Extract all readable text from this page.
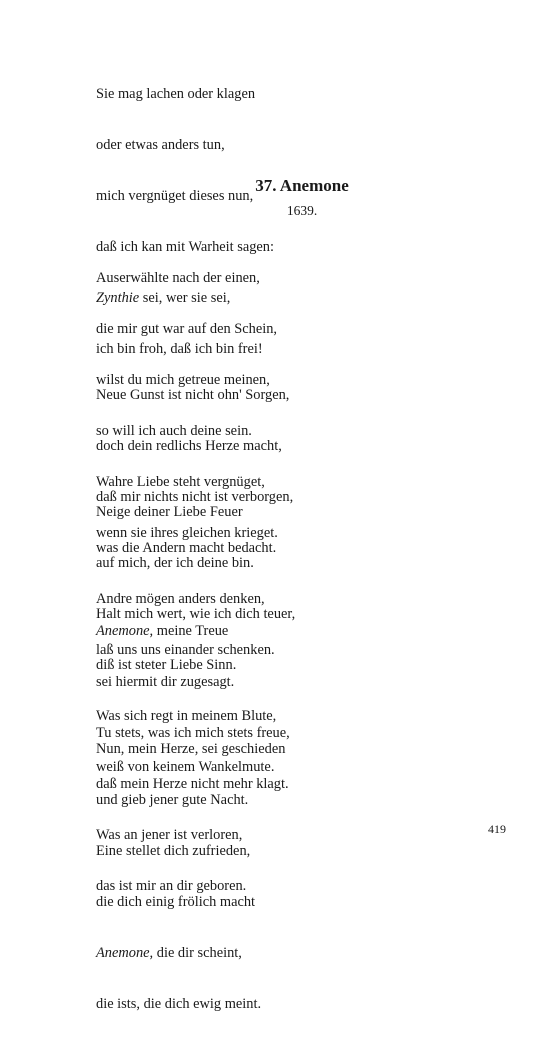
Sie mag lachen oder klagen

oder etwas anders tun,

mich vergnüget dieses nun,

daß ich kan mit Warheit sagen:

Zynthie sei, wer sie sei,

ich bin froh, daß ich bin frei!

37. Anemone
1639.

Auserwählte nach der einen,

die mir gut war auf den Schein,

wilst du mich getreue meinen,

so will ich auch deine sein.

Wahre Liebe steht vergnüget,

wenn sie ihres gleichen krieget.

Neue Gunst ist nicht ohn' Sorgen,

doch dein redlichs Herze macht,

daß mir nichts nicht ist verborgen,

was die Andern macht bedacht.

Andre mögen anders denken,

laß uns uns einander schenken.

Neige deiner Liebe Feuer

auf mich, der ich deine bin.

Halt mich wert, wie ich dich teuer,

diß ist steter Liebe Sinn.

Was sich regt in meinem Blute,

weiß von keinem Wankelmute.

Anemone, meine Treue

sei hiermit dir zugesagt.

Tu stets, was ich mich stets freue,

daß mein Herze nicht mehr klagt.

Was an jener ist verloren,

das ist mir an dir geboren.

Nun, mein Herze, sei geschieden

und gieb jener gute Nacht.

Eine stellet dich zufrieden,

die dich einig frölich macht

Anemone, die dir scheint,

die ists, die dich ewig meint.

419
